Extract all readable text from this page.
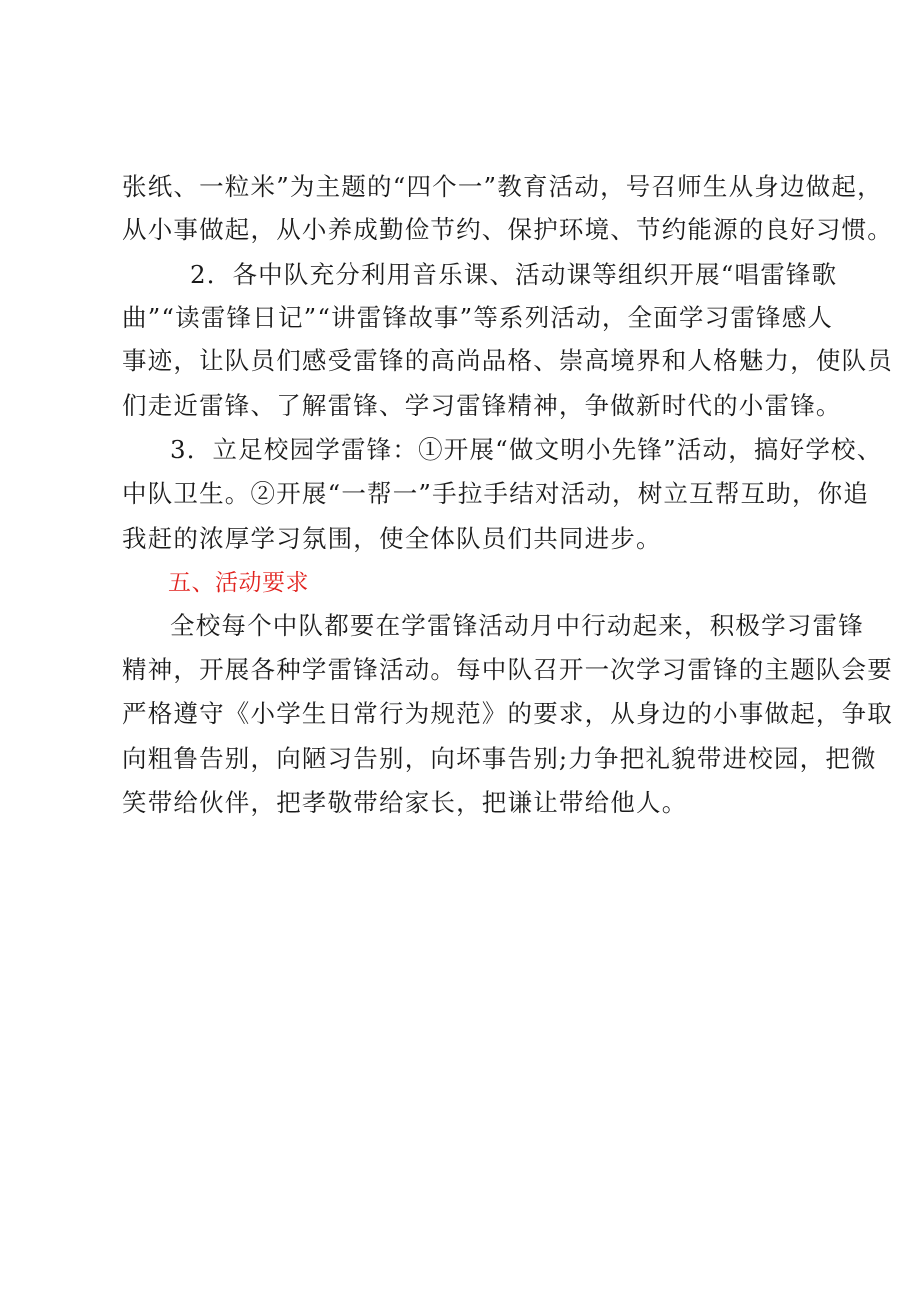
张纸、一粒米”为主题的“四个一”教育活动，号召师生从身边做起，
从小事做起，从小养成勤俭节约、保护环境、节约能源的良好习惯。
2．各中队充分利用音乐课、活动课等组织开展“唱雷锋歌
曲”“读雷锋日记”“讲雷锋故事”等系列活动，全面学习雷锋感人
事迹，让队员们感受雷锋的高尚品格、崇高境界和人格魅力，使队员
们走近雷锋、了解雷锋、学习雷锋精神，争做新时代的小雷锋。
3．立足校园学雷锋：①开展“做文明小先锋”活动，搞好学校、
中队卫生。②开展“一帮一”手拉手结对活动，树立互帮互助，你追
我赶的浓厚学习氛围，使全体队员们共同进步。
五、活动要求
全校每个中队都要在学雷锋活动月中行动起来，积极学习雷锋
精神，开展各种学雷锋活动。每中队召开一次学习雷锋的主题队会要
严格遵守《小学生日常行为规范》的要求，从身边的小事做起，争取
向粗鲁告别，向陋习告别，向坏事告别;力争把礼貌带进校园，把微
笑带给伙伴，把孝敬带给家长，把谦让带给他人。
